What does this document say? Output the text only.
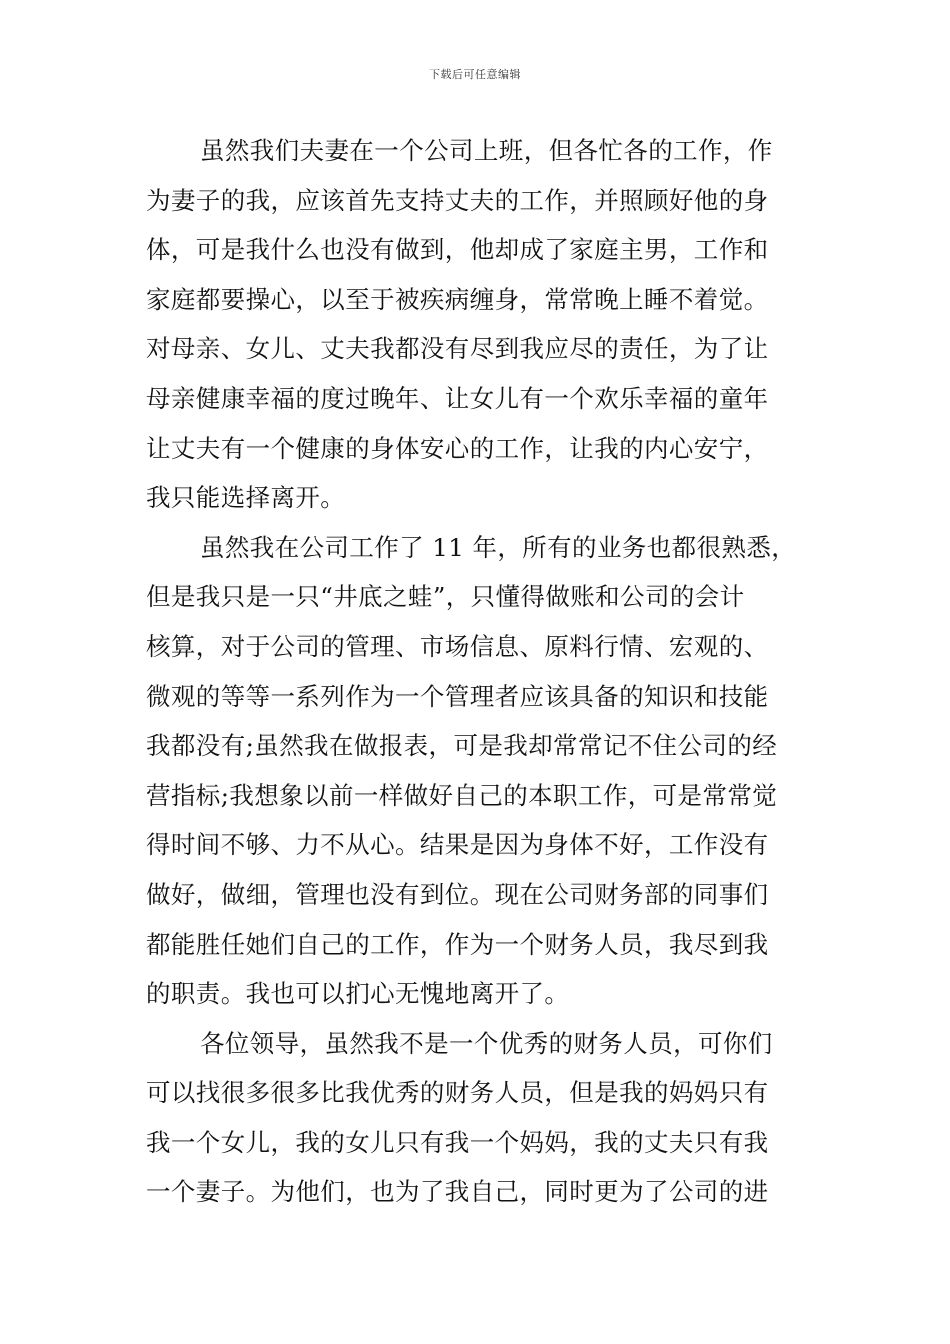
下载后可任意编辑
虽然我们夫妻在一个公司上班，但各忙各的工作，作
为妻子的我，应该首先支持丈夫的工作，并照顾好他的身
体，可是我什么也没有做到，他却成了家庭主男，工作和
家庭都要操心，以至于被疾病缠身，常常晚上睡不着觉。
对母亲、女儿、丈夫我都没有尽到我应尽的责任，为了让
母亲健康幸福的度过晚年、让女儿有一个欢乐幸福的童年
让丈夫有一个健康的身体安心的工作，让我的内心安宁，
我只能选择离开。
虽然我在公司工作了 11 年，所有的业务也都很熟悉，
但是我只是一只“井底之蛙”，只懂得做账和公司的会计
核算，对于公司的管理、市场信息、原料行情、宏观的、
微观的等等一系列作为一个管理者应该具备的知识和技能
我都没有;虽然我在做报表，可是我却常常记不住公司的经
营指标;我想象以前一样做好自己的本职工作，可是常常觉
得时间不够、力不从心。结果是因为身体不好，工作没有
做好，做细，管理也没有到位。现在公司财务部的同事们
都能胜任她们自己的工作，作为一个财务人员，我尽到我
的职责。我也可以扪心无愧地离开了。
各位领导，虽然我不是一个优秀的财务人员，可你们
可以找很多很多比我优秀的财务人员，但是我的妈妈只有
我一个女儿，我的女儿只有我一个妈妈，我的丈夫只有我
一个妻子。为他们，也为了我自己，同时更为了公司的进
